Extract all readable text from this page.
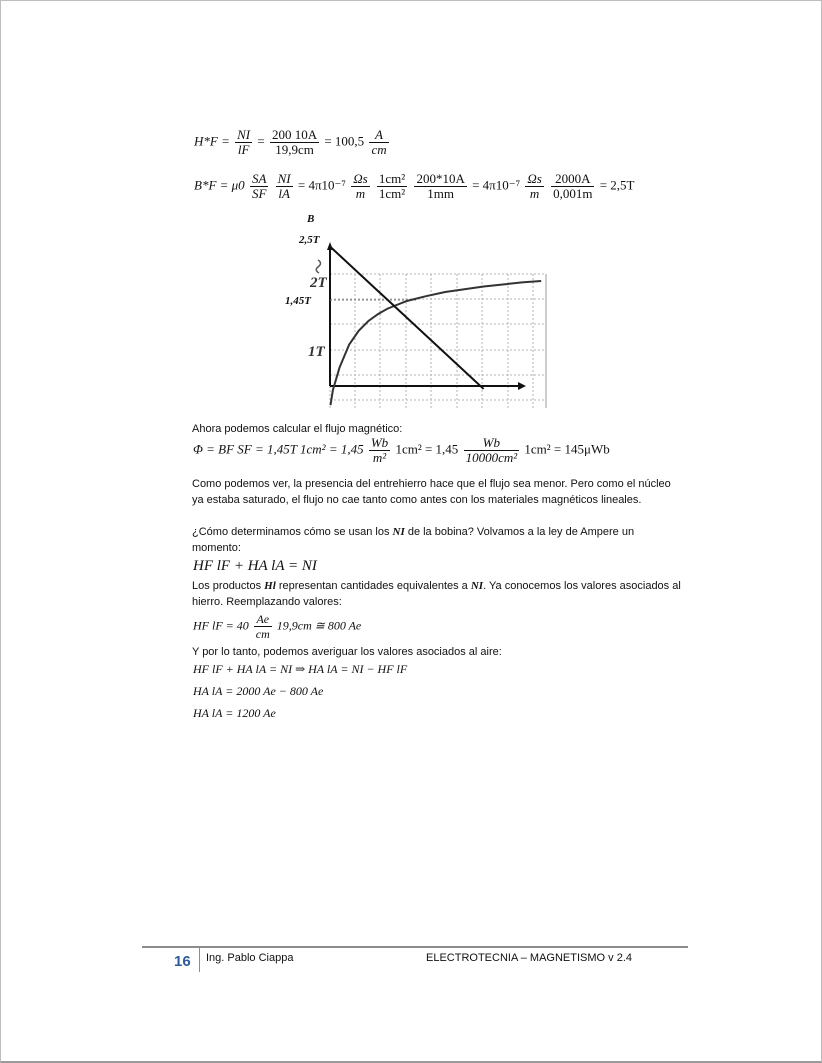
$H*F = \frac{NI}{lF} = \frac{200 10A}{19,9cm} = 100,5 \frac{A}{cm}$
$B*F = \mu 0 \frac{SA}{SF}$
$\frac{NI}{lA} = 4\pi 10^{-7} \frac{\Omega s}{m}$
$\frac{\text{1cm²}}{\text{1cm²}}$
$\frac{200*10A}{1mm} = 4\pi 10^{-7} \frac{\Omega s}{m}$
$\frac{2000A}{0,001m} = 2,5T$
B
2,5T
1,45T
2T
1T
Ahora podemos calcular el flujo magnético:
Φ = BF SF = 1,45T $1cm^2 = 1,45 \frac{Wb}{\text{m²}} 1cm^2 = 1,45 \frac{Wb}{\text{10000cm²}} 1cm^2 = 145\mu Wb$
Como podemos ver, la presencia del entrehierro hace que el flujo sea menor. Pero como el núcleo ya estaba saturado, el flujo no cae tanto como antes con los materiales magnéticos lineales.
¿Cómo determinamos cómo se usan los NI de la bobina? Volvamos a la ley de Ampere un momento:
HF lF + HA lA = NI
Los productos Hl representan cantidades equivalentes a NI. Ya conocemos los valores asociados al hierro. Reemplazando valores:
HF lF = $40 \frac{Ae}{cm} 19,9cm$ ≅ 800 Ae
Y por lo tanto, podemos averiguar los valores asociados al aire:
HF lF + HA lA = NI ⇒ HA lA = NI − HF lF
HA lA = 2000 Ae − 800 Ae
HA lA = 1200 Ae
16 Ing. Pablo Ciappa	ELECTROTECNIA – MAGNETISMO v 2.4
